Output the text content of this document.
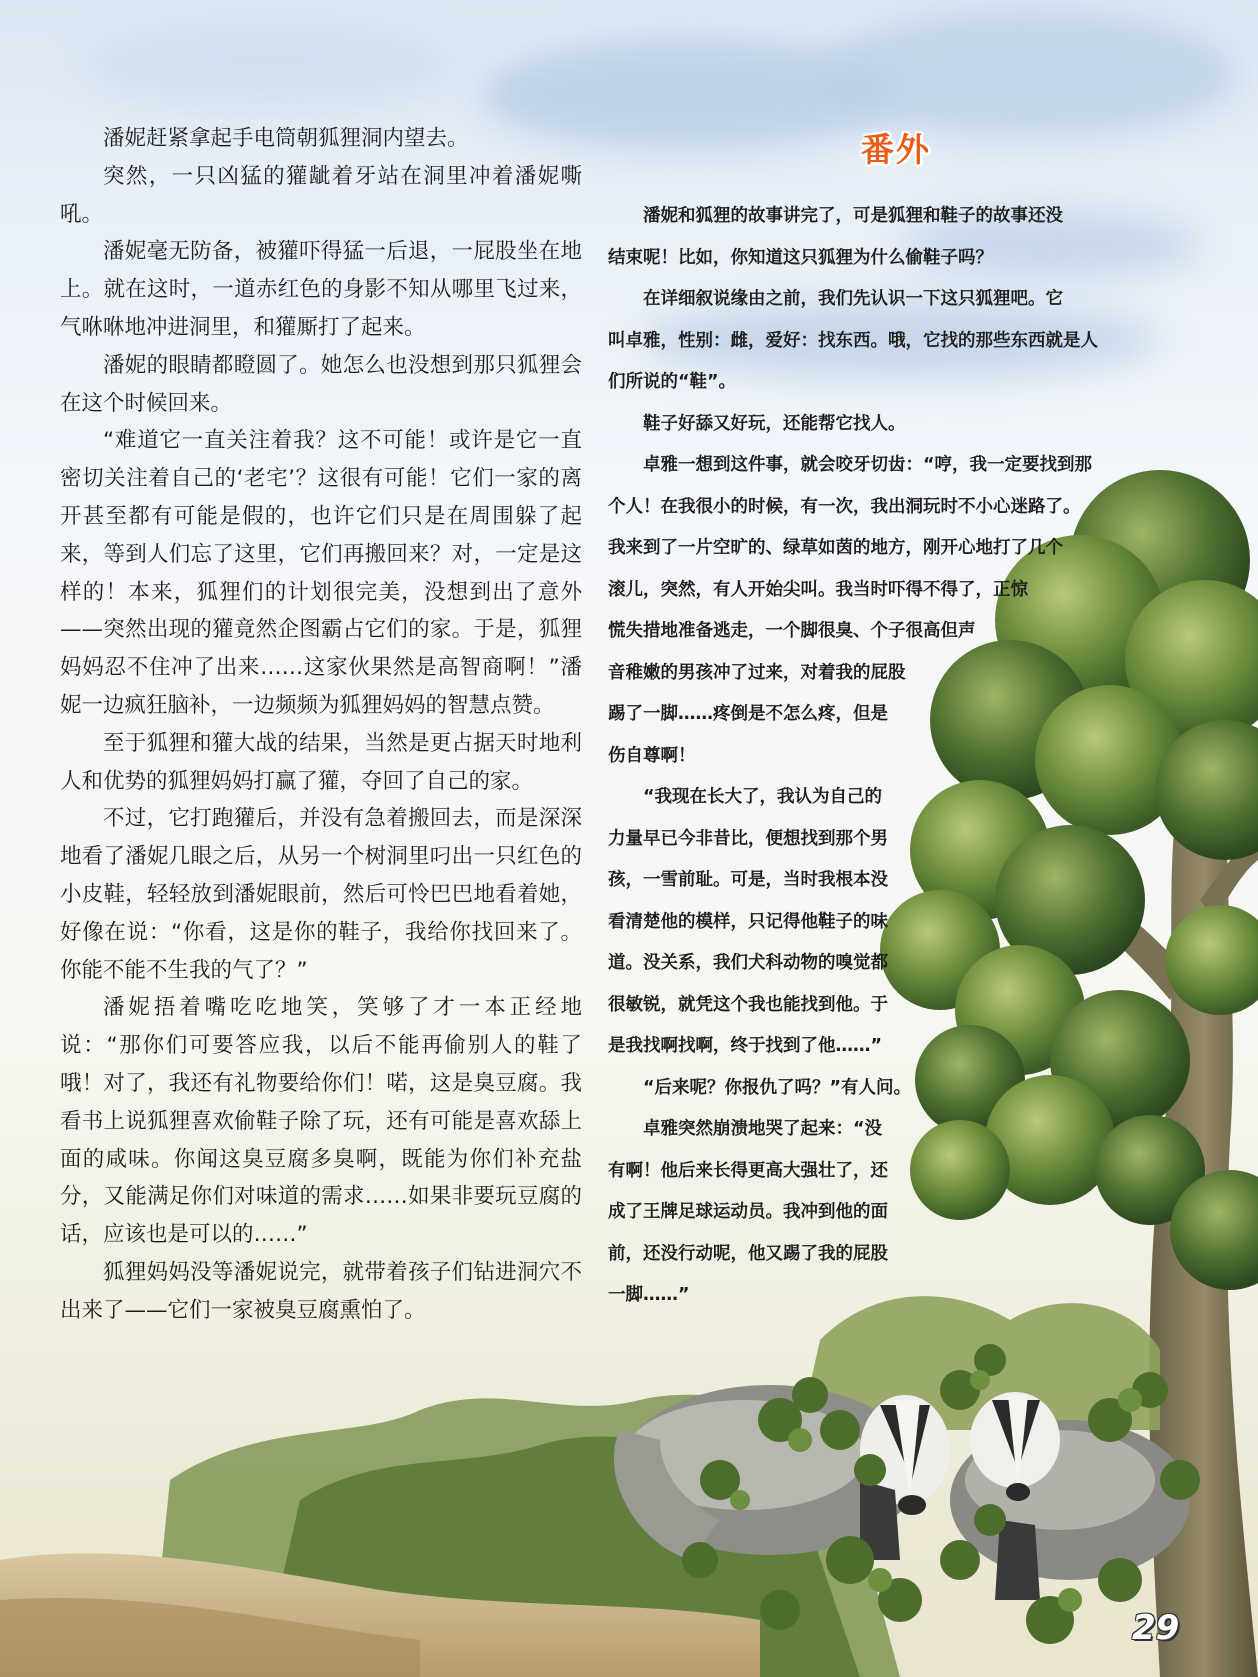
潘妮赶紧拿起手电筒朝狐狸洞内望去。

突然，一只凶猛的獾龇着牙站在洞里冲着潘妮嘶吼。

潘妮毫无防备，被獾吓得猛一后退，一屁股坐在地上。就在这时，一道赤红色的身影不知从哪里飞过来，气咻咻地冲进洞里，和獾厮打了起来。

潘妮的眼睛都瞪圆了。她怎么也没想到那只狐狸会在这个时候回来。

“难道它一直关注着我？这不可能！或许是它一直密切关注着自己的‘老宅’？这很有可能！它们一家的离开甚至都有可能是假的，也许它们只是在周围躲了起来，等到人们忘了这里，它们再搬回来？对，一定是这样的！本来，狐狸们的计划很完美，没想到出了意外——突然出现的獾竟然企图霸占它们的家。于是，狐狸妈妈忍不住冲了出来……这家伙果然是高智商啊！”潘妮一边疯狂脑补，一边频频为狐狸妈妈的智慧点赞。

至于狐狸和獾大战的结果，当然是更占据天时地利人和优势的狐狸妈妈打赢了獾，夺回了自己的家。

不过，它打跑獾后，并没有急着搬回去，而是深深地看了潘妮几眼之后，从另一个树洞里叼出一只红色的小皮鞋，轻轻放到潘妮眼前，然后可怜巴巴地看着她，好像在说：“你看，这是你的鞋子，我给你找回来了。你能不能不生我的气了？”

潘妮捂着嘴吃吃地笑，笑够了才一本正经地说：“那你们可要答应我，以后不能再偷别人的鞋了哦！对了，我还有礼物要给你们！喏，这是臭豆腐。我看书上说狐狸喜欢偷鞋子除了玩，还有可能是喜欢舔上面的咸味。你闻这臭豆腐多臭啊，既能为你们补充盐分，又能满足你们对味道的需求……如果非要玩豆腐的话，应该也是可以的……”

狐狸妈妈没等潘妮说完，就带着孩子们钻进洞穴不出来了——它们一家被臭豆腐熏怕了。

番外

潘妮和狐狸的故事讲完了，可是狐狸和鞋子的故事还没
结束呢！比如，你知道这只狐狸为什么偷鞋子吗？

在详细叙说缘由之前，我们先认识一下这只狐狸吧。它
叫卓雅，性别：雌，爱好：找东西。哦，它找的那些东西就是人
们所说的“鞋”。

鞋子好舔又好玩，还能帮它找人。

卓雅一想到这件事，就会咬牙切齿：“哼，我一定要找到那
个人！在我很小的时候，有一次，我出洞玩时不小心迷路了。
我来到了一片空旷的、绿草如茵的地方，刚开心地打了几个
滚儿，突然，有人开始尖叫。我当时吓得不得了，正惊
慌失措地准备逃走，一个脚很臭、个子很高但声
音稚嫩的男孩冲了过来，对着我的屁股
踢了一脚……疼倒是不怎么疼，但是
伤自尊啊！

“我现在长大了，我认为自己的
力量早已今非昔比，便想找到那个男
孩，一雪前耻。可是，当时我根本没
看清楚他的模样，只记得他鞋子的味
道。没关系，我们犬科动物的嗅觉都
很敏锐，就凭这个我也能找到他。于
是我找啊找啊，终于找到了他……”

“后来呢？你报仇了吗？”有人问。

卓雅突然崩溃地哭了起来：“没
有啊！他后来长得更高大强壮了，还
成了王牌足球运动员。我冲到他的面
前，还没行动呢，他又踢了我的屁股
一脚……”

29
